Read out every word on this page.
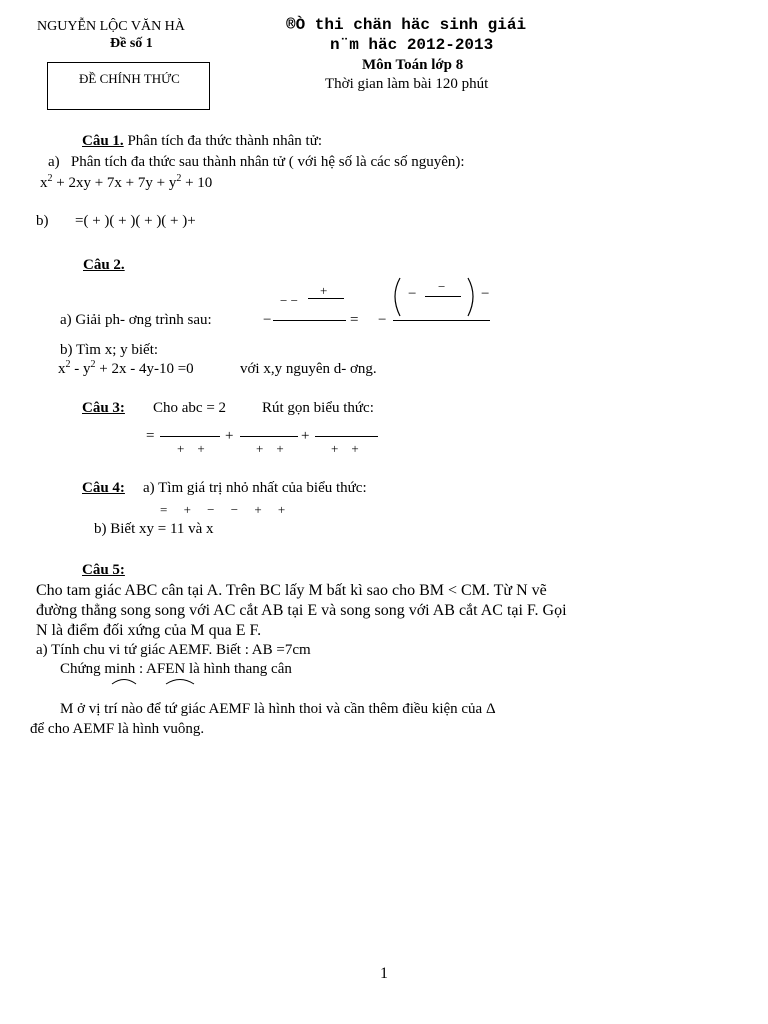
NGUYỄN LỘC VĂN HÀ
Đề số 1
ĐỀ CHÍNH THỨC
®Ò thi chän häc sinh giái
n¨m häc 2012-2013
Môn Toán lớp 8
Thời gian làm bài 120 phút
Câu 1. Phân tích đa thức thành nhân tử:
a) Phân tích đa thức sau thành nhân tử ( với hệ số là các số nguyên):
$x^2 + 2xy + 7x + 7y + y^2 + 10$
b) =( + )( + )( + )( + )+
Câu 2.
− −
+
a) Giải ph- ơng trình sau:	−	= −
− − −
b) Tìm x; y biết:
$x^2 - y^2 + 2x - 4y-10 =0$	với x,y nguyên d- ơng.
Câu 3: Cho abc = 2 Rút gọn biểu thức:
=	+	+
+    +	+    +	+    +
Câu 4: a) Tìm giá trị nhỏ nhất của biểu thức:
=     +     −     −     +     +
b) Biết xy = 11 và x
Câu 5:
Cho tam giác ABC cân tại A. Trên BC lấy M bất kì sao cho BM < CM. Từ N vẽ
đường thẳng song song với AC cắt AB tại E và song song với AB cắt AC tại F. Gọi
N là điểm đối xứng của M qua E F.
a) Tính chu vi tứ giác AEMF. Biết : AB =7cm
Chứng minh : AFEN là hình thang cân
M ở vị trí nào để tứ giác AEMF là hình thoi và cần thêm điều kiện của Δ
để cho AEMF là hình vuông.
1
